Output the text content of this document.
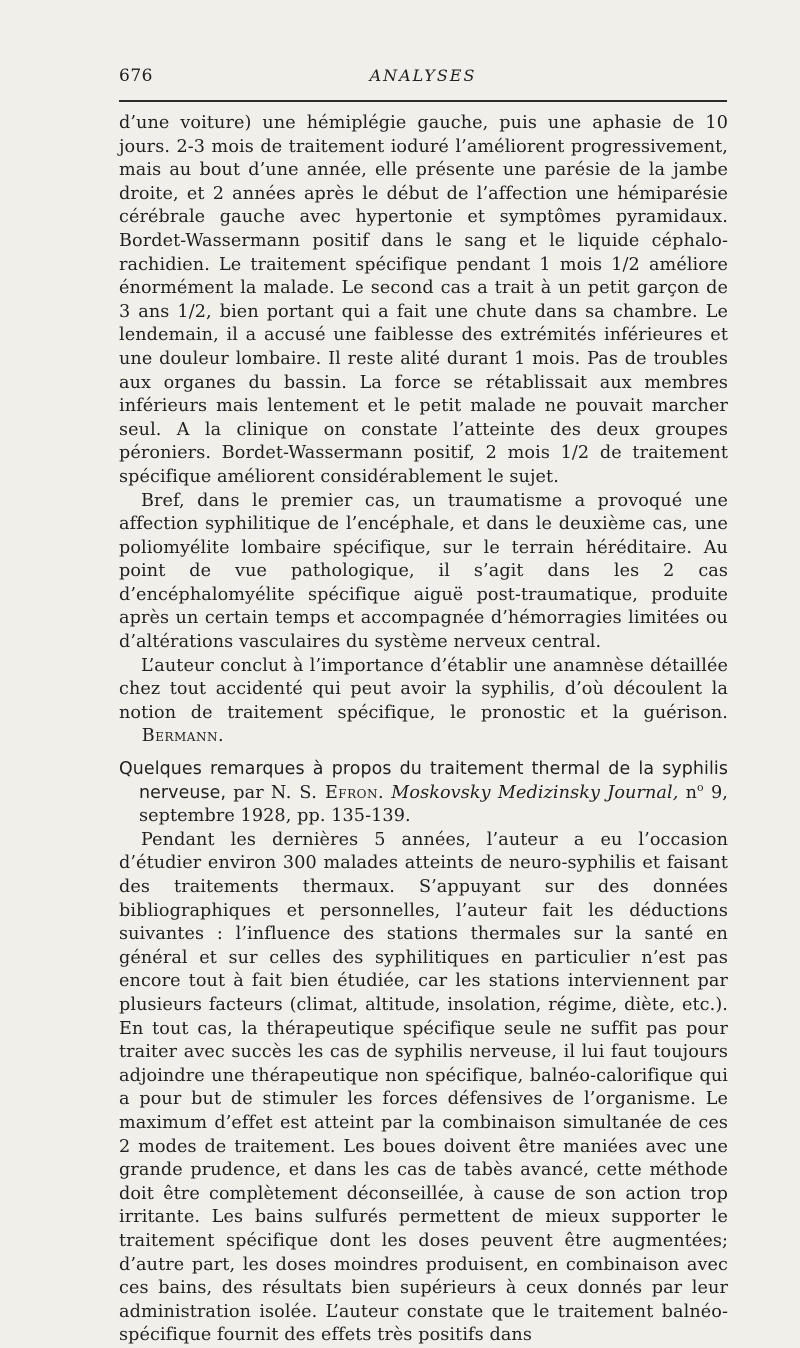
676	ANALYSES

d’une voiture) une hémiplégie gauche, puis une aphasie de 10 jours. 2-3 mois de traitement ioduré l’améliorent progressivement, mais au bout d’une année, elle présente une parésie de la jambe droite, et 2 années après le début de l’affection une hémiparésie cérébrale gauche avec hypertonie et symptômes pyramidaux. Bordet-Wassermann positif dans le sang et le liquide céphalo-rachidien. Le traitement spécifique pendant 1 mois 1/2 améliore énormément la malade. Le second cas a trait à un petit garçon de 3 ans 1/2, bien portant qui a fait une chute dans sa chambre. Le lendemain, il a accusé une faiblesse des extrémités inférieures et une douleur lombaire. Il reste alité durant 1 mois. Pas de troubles aux organes du bassin. La force se rétablissait aux membres inférieurs mais lentement et le petit malade ne pouvait marcher seul. A la clinique on constate l’atteinte des deux groupes péroniers. Bordet-Wassermann positif, 2 mois 1/2 de traitement spécifique améliorent considérablement le sujet.

Bref, dans le premier cas, un traumatisme a provoqué une affection syphilitique de l’encéphale, et dans le deuxième cas, une poliomyélite lombaire spécifique, sur le terrain héréditaire. Au point de vue pathologique, il s’agit dans les 2 cas d’encéphalomyélite spécifique aiguë post-traumatique, produite après un certain temps et accompagnée d’hémorragies limitées ou d’altérations vasculaires du système nerveux central.

L’auteur conclut à l’importance d’établir une anamnèse détaillée chez tout accidenté qui peut avoir la syphilis, d’où découlent la notion de traitement spécifique, le pronostic et la guérison.     Bermann.

Quelques remarques à propos du traitement thermal de la syphilis nerveuse, par N. S. Efron. Moskovsky Medizinsky Journal, $n^o$ 9, septembre 1928, pp. 135-139.

Pendant les dernières 5 années, l’auteur a eu l’occasion d’étudier environ 300 malades atteints de neuro-syphilis et faisant des traitements thermaux. S’appuyant sur des données bibliographiques et personnelles, l’auteur fait les déductions suivantes : l’influence des stations thermales sur la santé en général et sur celles des syphilitiques en particulier n’est pas encore tout à fait bien étudiée, car les stations interviennent par plusieurs facteurs (climat, altitude, insolation, régime, diète, etc.). En tout cas, la thérapeutique spécifique seule ne suffit pas pour traiter avec succès les cas de syphilis nerveuse, il lui faut toujours adjoindre une thérapeutique non spécifique, balnéo-calorifique qui a pour but de stimuler les forces défensives de l’organisme. Le maximum d’effet est atteint par la combinaison simultanée de ces 2 modes de traitement. Les boues doivent être maniées avec une grande prudence, et dans les cas de tabès avancé, cette méthode doit être complètement déconseillée, à cause de son action trop irritante. Les bains sulfurés permettent de mieux supporter le traitement spécifique dont les doses peuvent être augmentées; d’autre part, les doses moindres produisent, en combinaison avec ces bains, des résultats bien supérieurs à ceux donnés par leur administration isolée. L’auteur constate que le traitement balnéo-spécifique fournit des effets très positifs dans
